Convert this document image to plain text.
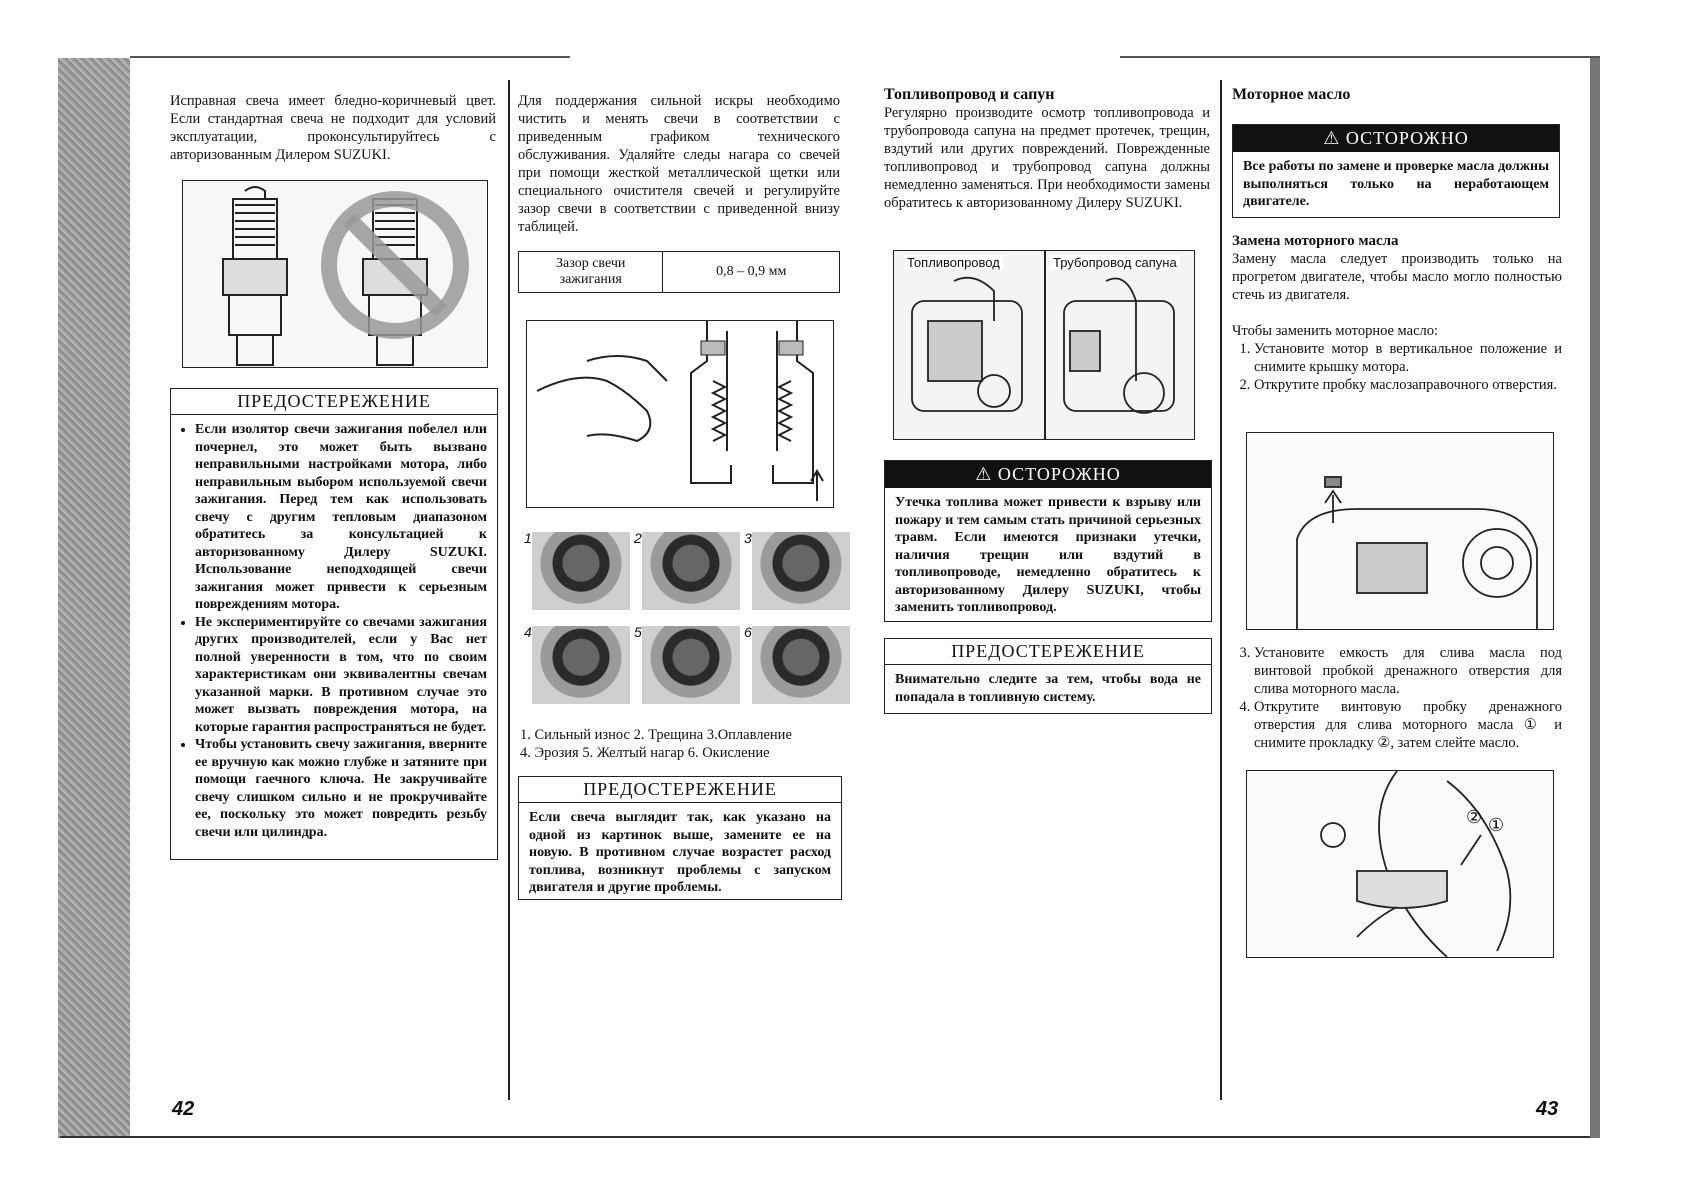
Исправная свеча имеет бледно-коричневый цвет. Если стандартная свеча не подходит для условий эксплуатации, проконсультируйтесь с авторизованным Дилером SUZUKI.
ПРЕДОСТЕРЕЖЕНИЕ
• Если изолятор свечи зажигания побелел или почернел, это может быть вызвано неправильными настройками мотора, либо неправильным выбором используемой свечи зажигания. Перед тем как использовать свечу с другим тепловым диапазоном обратитесь за консультацией к авторизованному Дилеру SUZUKI. Использование неподходящей свечи зажигания может привести к серьезным повреждениям мотора.
• Не экспериментируйте со свечами зажигания других производителей, если у Вас нет полной уверенности в том, что по своим характеристикам они эквивалентны свечам указанной марки. В противном случае это может вызвать повреждения мотора, на которые гарантия распространяться не будет.
• Чтобы установить свечу зажигания, вверните ее вручную как можно глубже и затяните при помощи гаечного ключа. Не закручивайте свечу слишком сильно и не прокручивайте ее, поскольку это может повредить резьбу свечи или цилиндра.
42
Для поддержания сильной искры необходимо чистить и менять свечи в соответствии с приведенным графиком технического обслуживания. Удаляйте следы нагара со свечей при помощи жесткой металлической щетки или специального очистителя свечей и регулируйте зазор свечи в соответствии с приведенной внизу таблицей.
Зазор свечи зажигания	0,8 – 0,9 мм
1	2	3
4	5	6
1. Сильный износ 2. Трещина 3.Оплавление
4. Эрозия 5. Желтый нагар 6. Окисление
ПРЕДОСТЕРЕЖЕНИЕ
Если свеча выглядит так, как указано на одной из картинок выше, замените ее на новую. В противном случае возрастет расход топлива, возникнут проблемы с запуском двигателя и другие проблемы.
Топливопровод и сапун
Регулярно производите осмотр топливопровода и трубопровода сапуна на предмет протечек, трещин, вздутий или других повреждений. Поврежденные топливопровод и трубопровод сапуна должны немедленно заменяться. При необходимости замены обратитесь к авторизованному Дилеру SUZUKI.
Топливопровод	Трубопровод сапуна
⚠ ОСТОРОЖНО
Утечка топлива может привести к взрыву или пожару и тем самым стать причиной серьезных травм. Если имеются признаки утечки, наличия трещин или вздутий в топливопроводе, немедленно обратитесь к авторизованному Дилеру SUZUKI, чтобы заменить топливопровод.
ПРЕДОСТЕРЕЖЕНИЕ
Внимательно следите за тем, чтобы вода не попадала в топливную систему.
Моторное масло
⚠ ОСТОРОЖНО
Все работы по замене и проверке масла должны выполняться только на неработающем двигателе.
Замена моторного масла
Замену масла следует производить только на прогретом двигателе, чтобы масло могло полностью стечь из двигателя.
Чтобы заменить моторное масло:
1. Установите мотор в вертикальное положение и снимите крышку мотора.
2. Открутите пробку маслозаправочного отверстия.
3. Установите емкость для слива масла под винтовой пробкой дренажного отверстия для слива моторного масла.
4. Открутите винтовую пробку дренажного отверстия для слива моторного масла ① и снимите прокладку ②, затем слейте масло.
② ①
43
